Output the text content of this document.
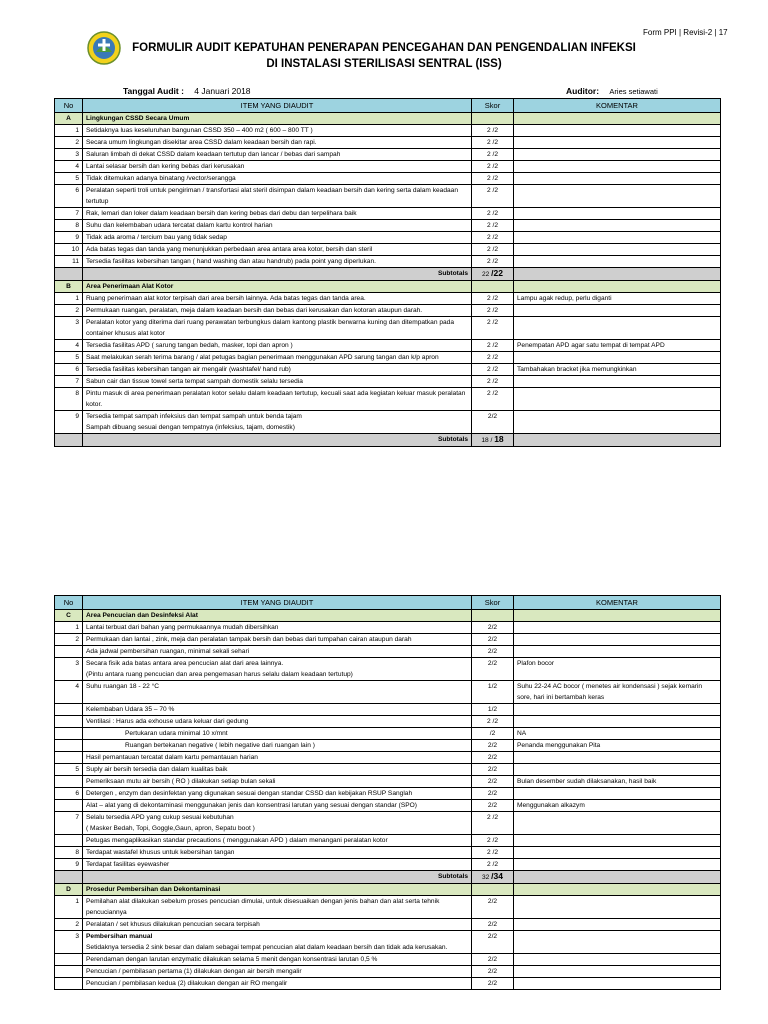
Form PPI | Revisi-2 | 17
FORMULIR AUDIT KEPATUHAN PENERAPAN PENCEGAHAN DAN PENGENDALIAN INFEKSI
DI INSTALASI STERILISASI SENTRAL (ISS)
Tanggal Audit : 4 Januari 2018	Auditor: Aries setiawati
No	ITEM YANG DIAUDIT	Skor	KOMENTAR
A	Lingkungan CSSD Secara Umum		
1	Setidaknya luas keseluruhan bangunan CSSD 350 – 400 m2 ( 600 – 800 TT )	2 /2	
2	Secara umum lingkungan disekitar area CSSD dalam keadaan bersih dan rapi.	2 /2	
3	Saluran limbah di dekat CSSD dalam keadaan tertutup dan lancar / bebas dari sampah	2 /2	
4	Lantai selasar bersih dan kering bebas dari kerusakan	2 /2	
5	Tidak ditemukan adanya binatang /vector/serangga	2 /2	
6	Peralatan seperti troli untuk pengiriman / transfortasi alat steril disimpan dalam keadaan bersih dan kering serta dalam keadaan tertutup	2 /2	
7	Rak, lemari dan loker dalam keadaan bersih dan kering bebas dari debu dan terpelihara baik	2 /2	
8	Suhu dan kelembaban udara tercatat dalam kartu kontrol harian	2 /2	
9	Tidak ada aroma / tercium bau yang tidak sedap	2 /2	
10	Ada batas tegas dan tanda yang menunjukkan perbedaan area antara area kotor, bersih dan steril	2 /2	
11	Tersedia fasilitas kebersihan tangan ( hand washing dan atau handrub) pada point yang diperlukan.	2 /2	
	Subtotals	22 /22	
B	Area Penerimaan Alat Kotor		
1	Ruang penerimaan alat kotor terpisah dari area bersih lainnya. Ada batas tegas dan tanda area.	2 /2	Lampu agak redup, perlu diganti
2	Permukaan ruangan, peralatan, meja dalam keadaan bersih dan bebas dari kerusakan dan kotoran ataupun darah.	2 /2	
3	Peralatan kotor yang diterima dari ruang perawatan terbungkus dalam kantong plastik berwarna kuning dan ditempatkan pada container khusus alat kotor	2 /2	
4	Tersedia fasilitas APD ( sarung tangan bedah, masker, topi dan apron )	2 /2	Penempatan APD agar satu tempat di tempat APD
5	Saat melakukan serah terima barang / alat petugas bagian penerimaan menggunakan APD sarung tangan dan k/p apron	2 /2	
6	Tersedia fasilitas kebersihan tangan air mengalir (washtafel/ hand rub)	2 /2	Tambahakan bracket jika memungkinkan
7	Sabun cair dan tissue towel serta tempat sampah domestik selalu tersedia	2 /2	
8	Pintu masuk di area penerimaan peralatan kotor selalu dalam keadaan tertutup, kecuali saat ada kegiatan keluar masuk peralatan kotor.	2 /2	
9	Tersedia tempat sampah infeksius dan tempat sampah untuk benda tajam
Sampah dibuang sesuai dengan tempatnya (infeksius, tajam, domestik)	2/2	
	Subtotals	18 / 18	
No	ITEM YANG DIAUDIT	Skor	KOMENTAR
C	Area Pencucian dan Desinfeksi Alat		
1	Lantai terbuat dari bahan yang permukaannya mudah dibersihkan	2/2	
2	Permukaan dan lantai , zink, meja dan peralatan tampak bersih dan bebas dari tumpahan cairan ataupun darah	2/2	
	Ada jadwal pembersihan ruangan, minimal sekali sehari	2/2	
3	Secara fisik ada batas antara area pencucian alat dari area lainnya.
(Pintu antara ruang pencucian dan area pengemasan harus selalu dalam keadaan tertutup)	2/2	Plafon bocor
4	Suhu ruangan 18 - 22 °C	1/2	Suhu 22-24 AC bocor ( menetes air kondensasi ) sejak kemarin sore, hari ini bertambah keras
	Kelembaban Udara 35 – 70 %	1/2	
	Ventilasi : Harus ada exhouse udara keluar dari gedung	2 /2	
	Pertukaran udara minimal 10 x/mnt	/2	NA
	Ruangan bertekanan negative ( lebih negative dari ruangan lain )	2/2	Penanda menggunakan Pita
	Hasil pemantauan tercatat dalam kartu pemantauan harian	2/2	
5	Suply air bersih tersedia dan dalam kualitas baik	2/2	
	Pemeriksaan mutu air bersih ( RO ) dilakukan setiap bulan sekali	2/2	Bulan desember sudah dilaksanakan, hasil baik
6	Detergen , enzym dan desinfektan yang digunakan sesuai dengan standar CSSD dan kebijakan RSUP Sanglah	2/2	
	Alat – alat yang di dekontaminasi menggunakan jenis dan konsentrasi larutan yang sesuai dengan standar (SPO)	2/2	Menggunakan alkazym
7	Selalu tersedia APD yang cukup sesuai kebutuhan
( Masker Bedah, Topi, Goggle,Gaun, apron, Sepatu boot )	2 /2	
	Petugas mengaplikasikan standar precautions ( menggunakan APD ) dalam menangani peralatan kotor	2 /2	
8	Terdapat wastafel khusus untuk kebersihan tangan	2 /2	
9	Terdapat fasilitas eyewasher	2 /2	
	Subtotals	32 /34	
D	Prosedur Pembersihan dan Dekontaminasi		
1	Pemilahan alat dilakukan sebelum proses pencucian dimulai, untuk disesuaikan dengan jenis bahan dan alat serta tehnik pencuciannya	2/2	
2	Peralatan / set khusus dilakukan pencucian secara terpisah	2/2	
3	Pembersihan manual
Setidaknya tersedia 2 sink besar dan dalam sebagai tempat pencucian alat dalam keadaan bersih dan tidak ada kerusakan.	2/2	
	Perendaman dengan larutan enzymatic dilakukan selama 5 menit dengan konsentrasi larutan 0,5 %	2/2	
	Pencucian / pembilasan pertama (1) dilakukan dengan air bersih mengalir	2/2	
	Pencucian / pembilasan kedua (2) dilakukan dengan air RO mengalir	2/2	
